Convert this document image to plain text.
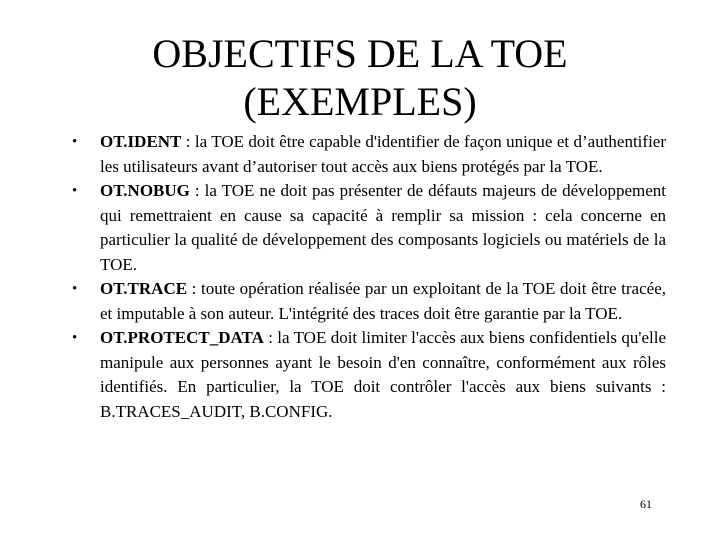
OBJECTIFS DE LA TOE
(EXEMPLES)
• OT.IDENT : la TOE doit être capable d'identifier de façon unique et d’authentifier les utilisateurs avant d’autoriser tout accès aux biens protégés par la TOE.
• OT.NOBUG : la TOE ne doit pas présenter de défauts majeurs de développement qui remettraient en cause sa capacité à remplir sa mission : cela concerne en particulier la qualité de développement des composants logiciels ou matériels de la TOE.
• OT.TRACE : toute opération réalisée par un exploitant de la TOE doit être tracée, et imputable à son auteur. L'intégrité des traces doit être garantie par la TOE.
• OT.PROTECT_DATA : la TOE doit limiter l'accès aux biens confidentiels qu'elle manipule aux personnes ayant le besoin d'en connaître, conformément aux rôles identifiés. En particulier, la TOE doit contrôler l'accès aux biens suivants : B.TRACES_AUDIT, B.CONFIG.
61
